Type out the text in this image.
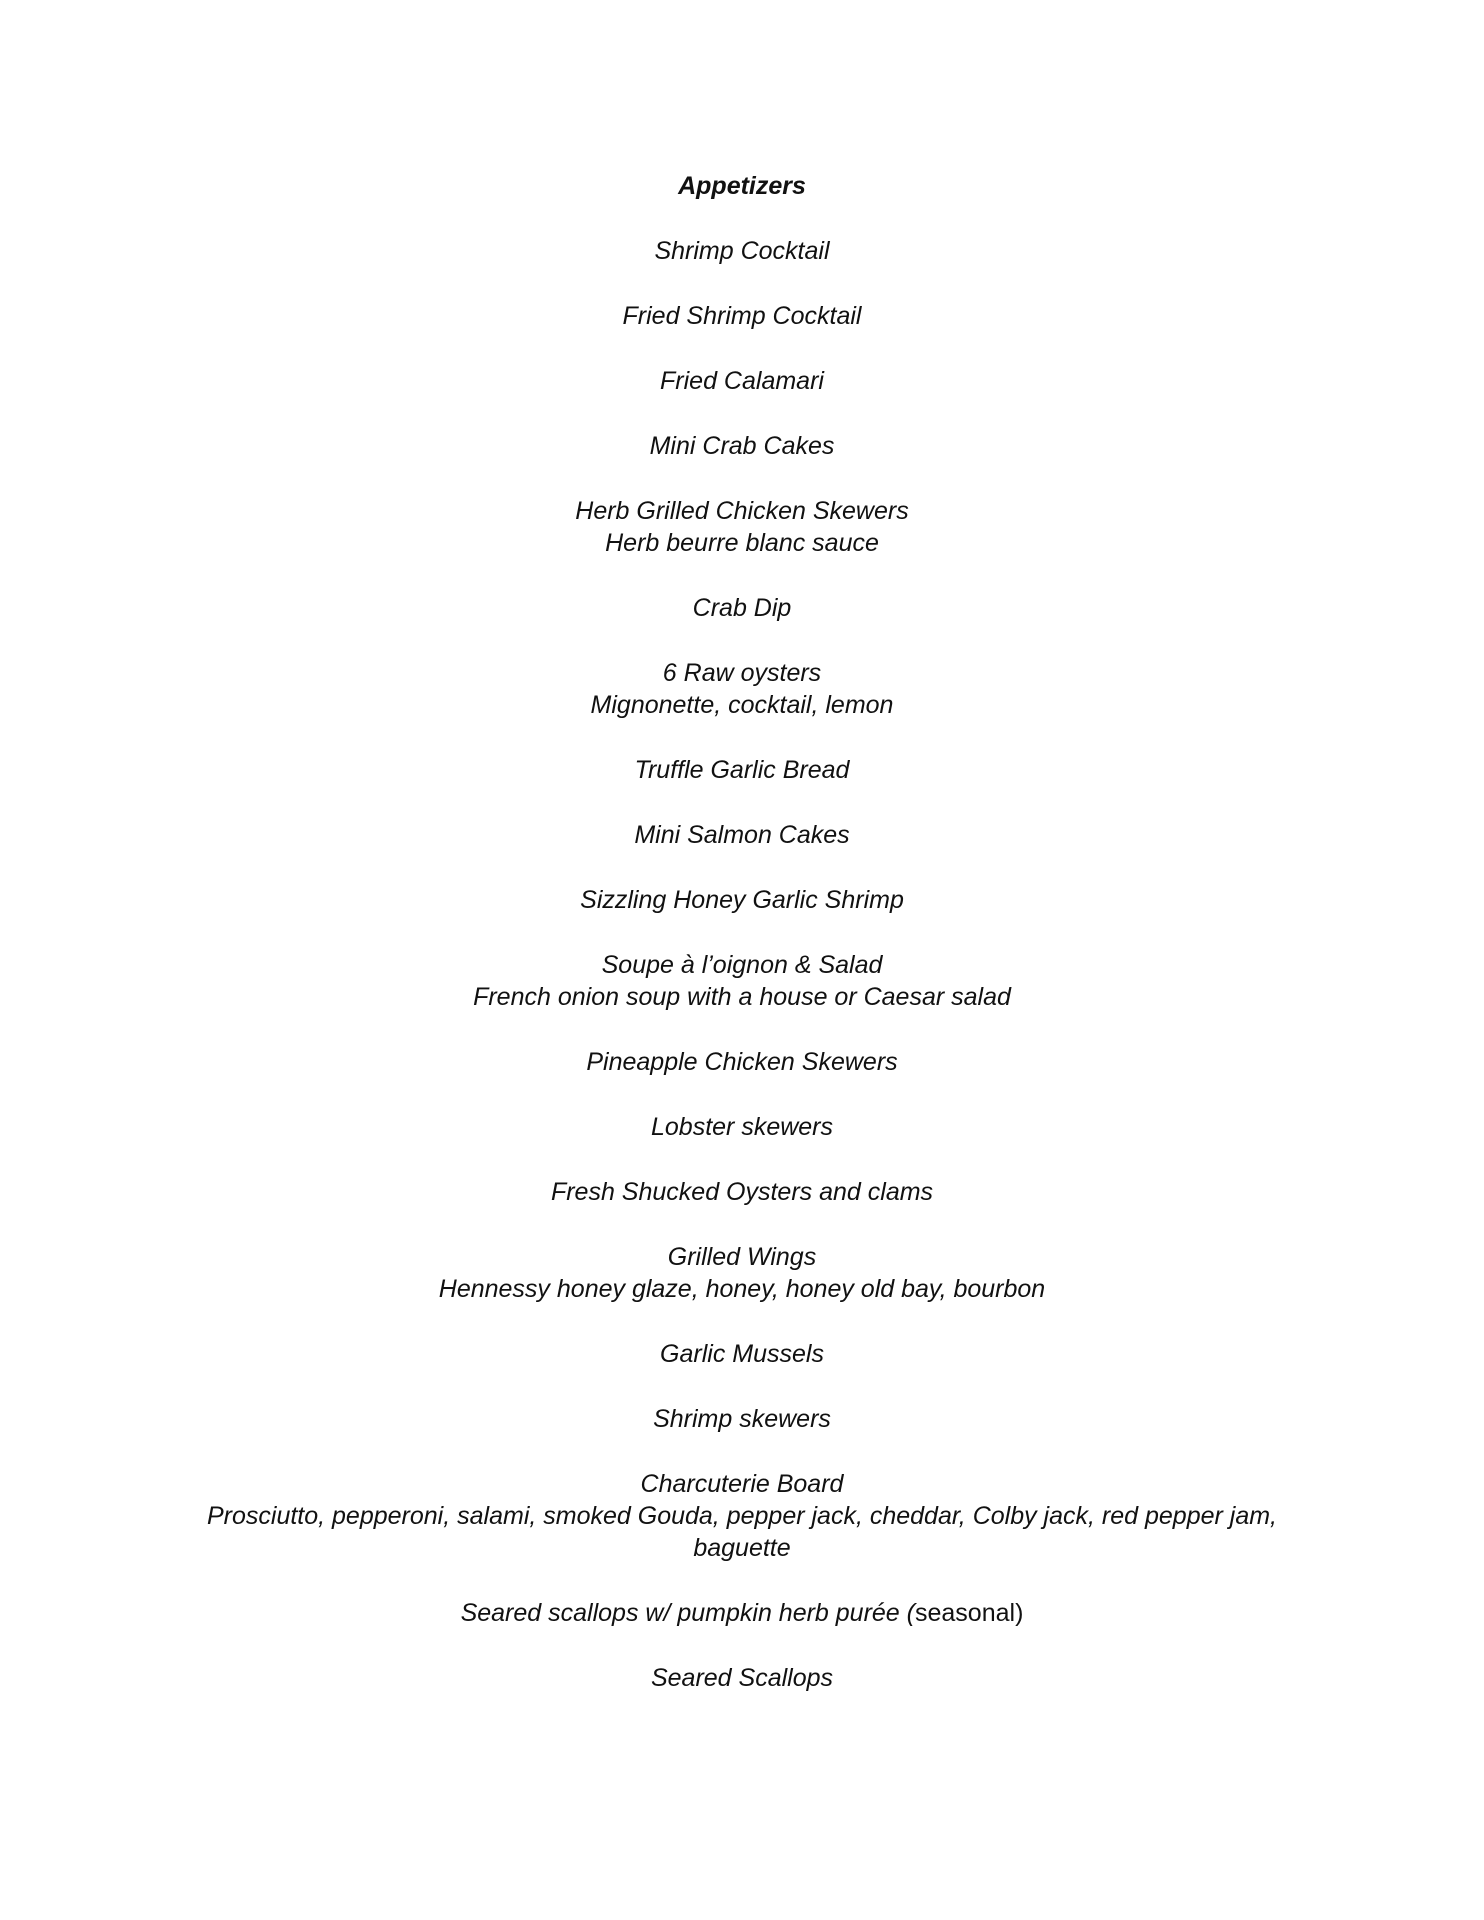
Appetizers
Shrimp Cocktail
Fried Shrimp Cocktail
Fried Calamari
Mini Crab Cakes
Herb Grilled Chicken Skewers
Herb beurre blanc sauce
Crab Dip
6 Raw oysters
Mignonette, cocktail, lemon
Truffle Garlic Bread
Mini Salmon Cakes
Sizzling Honey Garlic Shrimp
Soupe à l’oignon & Salad
French onion soup with a house or Caesar salad
Pineapple Chicken Skewers
Lobster skewers
Fresh Shucked Oysters and clams
Grilled Wings
Hennessy honey glaze, honey, honey old bay, bourbon
Garlic Mussels
Shrimp skewers
Charcuterie Board
Prosciutto, pepperoni, salami, smoked Gouda, pepper jack, cheddar, Colby jack, red pepper jam,
baguette
Seared scallops w/ pumpkin herb purée (seasonal)
Seared Scallops
